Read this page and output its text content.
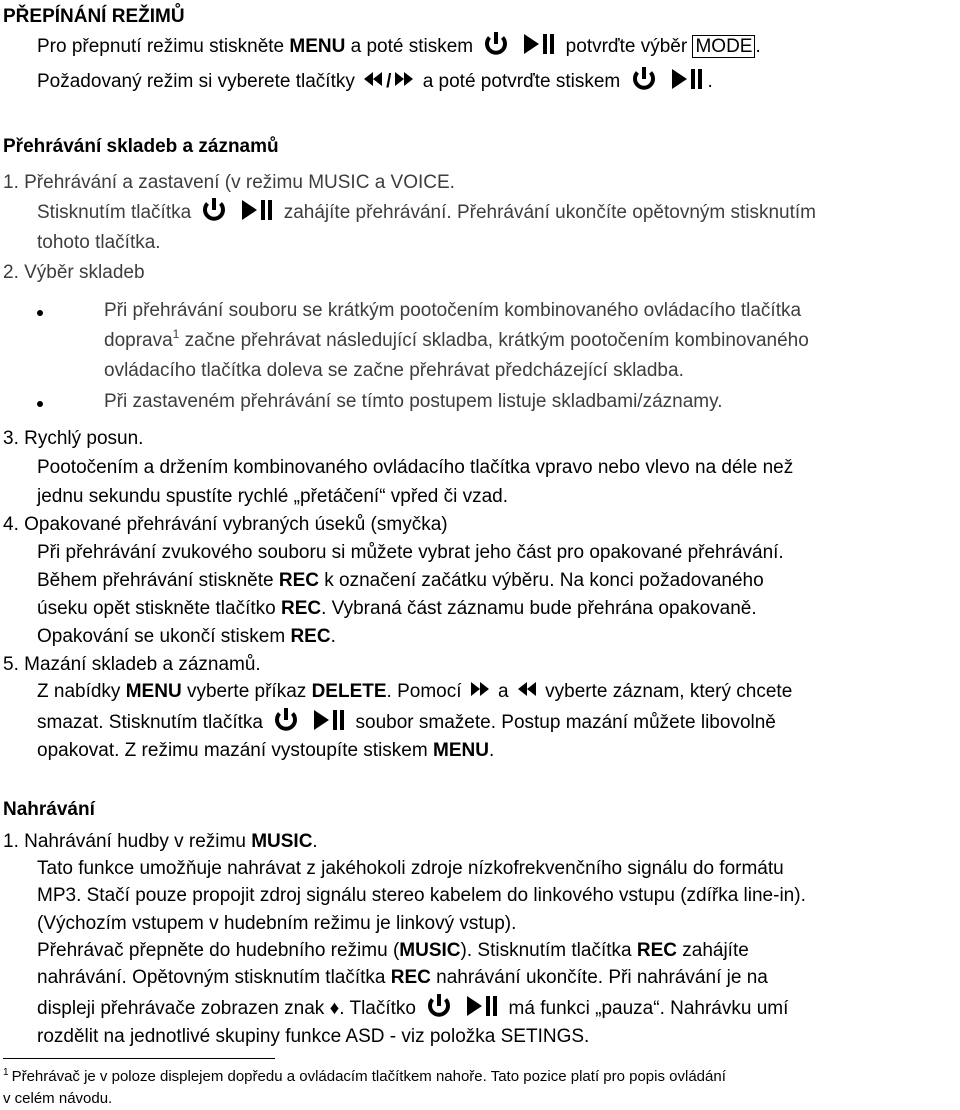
PŘEPÍNÁNÍ REŽIMŮ
Pro přepnutí režimu stiskněte MENU a poté stiskem	potvrďte výběr MODE .
Požadovaný režim si vyberete tlačítky
/
a poté potvrďte stiskem	.
Přehrávání skladeb a záznamů
1. Přehrávání a zastavení (v režimu MUSIC a VOICE.
Stisknutím tlačítka	zahájíte přehrávání. Přehrávání ukončíte opětovným stisknutím
tohoto tlačítka.
2. Výběr skladeb
Při přehrávání souboru se krátkým pootočením kombinovaného ovládacího tlačítka
doprava$^1$ začne přehrávat následující skladba, krátkým pootočením kombinovaného
ovládacího tlačítka doleva se začne přehrávat předcházející skladba.
Při zastaveném přehrávání se tímto postupem listuje skladbami/záznamy.
3. Rychlý posun.
Pootočením a držením kombinovaného ovládacího tlačítka vpravo nebo vlevo na déle než
jednu sekundu spustíte rychlé „přetáčení“ vpřed či vzad.
4. Opakované přehrávání vybraných úseků (smyčka)
Při přehrávání zvukového souboru si můžete vybrat jeho část pro opakované přehrávání.
Během přehrávání stiskněte REC k označení začátku výběru. Na konci požadovaného
úseku opět stiskněte tlačítko REC. Vybraná část záznamu bude přehrána opakovaně.
Opakování se ukončí stiskem REC.
5. Mazání skladeb a záznamů.
Z nabídky MENU vyberte příkaz DELETE. Pomocí
a
vyberte záznam, který chcete
smazat. Stisknutím tlačítka	soubor smažete. Postup mazání můžete libovolně
opakovat. Z režimu mazání vystoupíte stiskem MENU.
Nahrávání
1. Nahrávání hudby v režimu MUSIC.
Tato funkce umožňuje nahrávat z jakéhokoli zdroje nízkofrekvenčního signálu do formátu
MP3. Stačí pouze propojit zdroj signálu stereo kabelem do linkového vstupu (zdířka line-in).
(Výchozím vstupem v hudebním režimu je linkový vstup).
Přehrávač přepněte do hudebního režimu (MUSIC). Stisknutím tlačítka REC zahájíte
nahrávání. Opětovným stisknutím tlačítka REC nahrávání ukončíte. Při nahrávání je na
displeji přehrávače zobrazen znak ♦. Tlačítko	má funkci „pauza“. Nahrávku umí
rozdělit na jednotlivé skupiny funkce ASD - viz položka SETINGS.
$^1$ Přehrávač je v poloze displejem dopředu a ovládacím tlačítkem nahoře. Tato pozice platí pro popis ovládání
v celém návodu.
